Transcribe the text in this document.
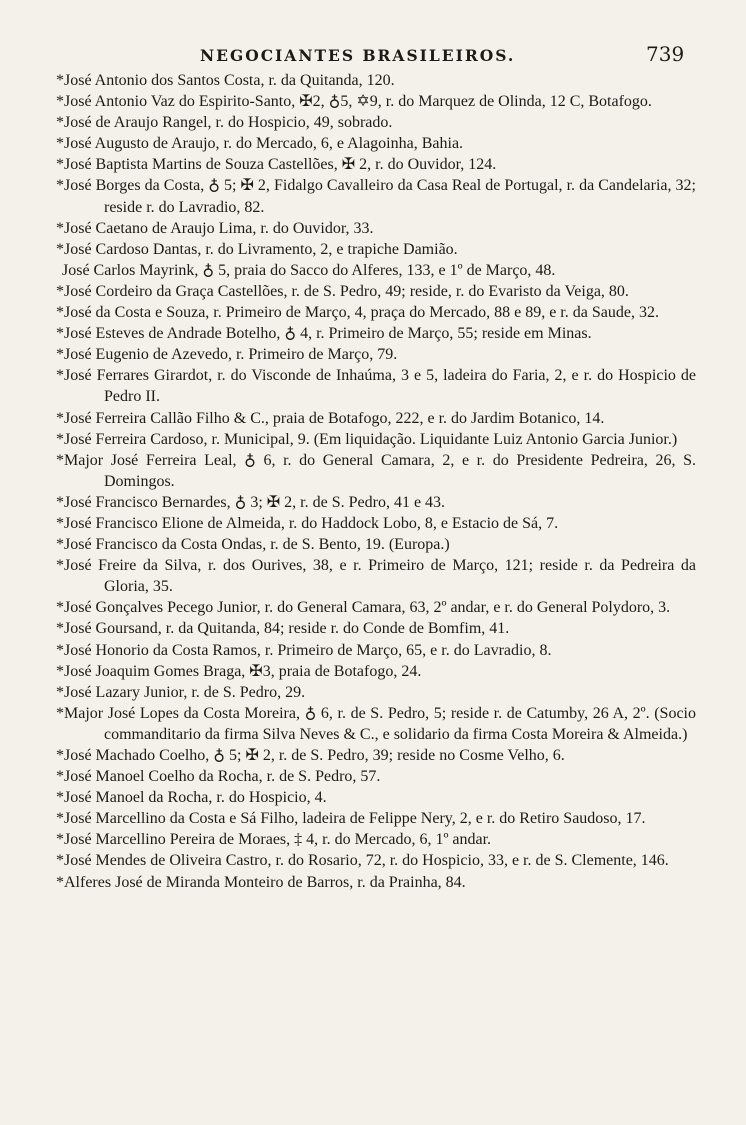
NEGOCIANTES BRASILEIROS.	739

*José Antonio dos Santos Costa, r. da Quitanda, 120.

*José Antonio Vaz do Espirito-Santo, ✠2, ♁5, ✡9, r. do Marquez de Olinda, 12 C, Botafogo.

*José de Araujo Rangel, r. do Hospicio, 49, sobrado.

*José Augusto de Araujo, r. do Mercado, 6, e Alagoinha, Bahia.

*José Baptista Martins de Souza Castellões, ✠ 2, r. do Ouvidor, 124.

*José Borges da Costa, ♁ 5; ✠ 2, Fidalgo Cavalleiro da Casa Real de Portugal, r. da Candelaria, 32; reside r. do Lavradio, 82.

*José Caetano de Araujo Lima, r. do Ouvidor, 33.

*José Cardoso Dantas, r. do Livramento, 2, e trapiche Damião.

José Carlos Mayrink, ♁ 5, praia do Sacco do Alferes, 133, e 1º de Março, 48.

*José Cordeiro da Graça Castellões, r. de S. Pedro, 49; reside, r. do Evaristo da Veiga, 80.

*José da Costa e Souza, r. Primeiro de Março, 4, praça do Mercado, 88 e 89, e r. da Saude, 32.

*José Esteves de Andrade Botelho, ♁ 4, r. Primeiro de Março, 55; reside em Minas.

*José Eugenio de Azevedo, r. Primeiro de Março, 79.

*José Ferrares Girardot, r. do Visconde de Inhaúma, 3 e 5, ladeira do Faria, 2, e r. do Hospicio de Pedro II.

*José Ferreira Callão Filho & C., praia de Botafogo, 222, e r. do Jardim Botanico, 14.

*José Ferreira Cardoso, r. Municipal, 9. (Em liquidação. Liquidante Luiz Antonio Garcia Junior.)

*Major José Ferreira Leal, ♁ 6, r. do General Camara, 2, e r. do Presidente Pedreira, 26, S. Domingos.

*José Francisco Bernardes, ♁ 3; ✠ 2, r. de S. Pedro, 41 e 43.

*José Francisco Elione de Almeida, r. do Haddock Lobo, 8, e Estacio de Sá, 7.

*José Francisco da Costa Ondas, r. de S. Bento, 19. (Europa.)

*José Freire da Silva, r. dos Ourives, 38, e r. Primeiro de Março, 121; reside r. da Pedreira da Gloria, 35.

*José Gonçalves Pecego Junior, r. do General Camara, 63, 2º andar, e r. do General Polydoro, 3.

*José Goursand, r. da Quitanda, 84; reside r. do Conde de Bomfim, 41.

*José Honorio da Costa Ramos, r. Primeiro de Março, 65, e r. do Lavradio, 8.

*José Joaquim Gomes Braga, ✠3, praia de Botafogo, 24.

*José Lazary Junior, r. de S. Pedro, 29.

*Major José Lopes da Costa Moreira, ♁ 6, r. de S. Pedro, 5; reside r. de Catumby, 26 A, 2º. (Socio commanditario da firma Silva Neves & C., e solidario da firma Costa Moreira & Almeida.)

*José Machado Coelho, ♁ 5; ✠ 2, r. de S. Pedro, 39; reside no Cosme Velho, 6.

*José Manoel Coelho da Rocha, r. de S. Pedro, 57.

*José Manoel da Rocha, r. do Hospicio, 4.

*José Marcellino da Costa e Sá Filho, ladeira de Felippe Nery, 2, e r. do Retiro Saudoso, 17.

*José Marcellino Pereira de Moraes, ‡ 4, r. do Mercado, 6, 1º andar.

*José Mendes de Oliveira Castro, r. do Rosario, 72, r. do Hospicio, 33, e r. de S. Clemente, 146.

*Alferes José de Miranda Monteiro de Barros, r. da Prainha, 84.
